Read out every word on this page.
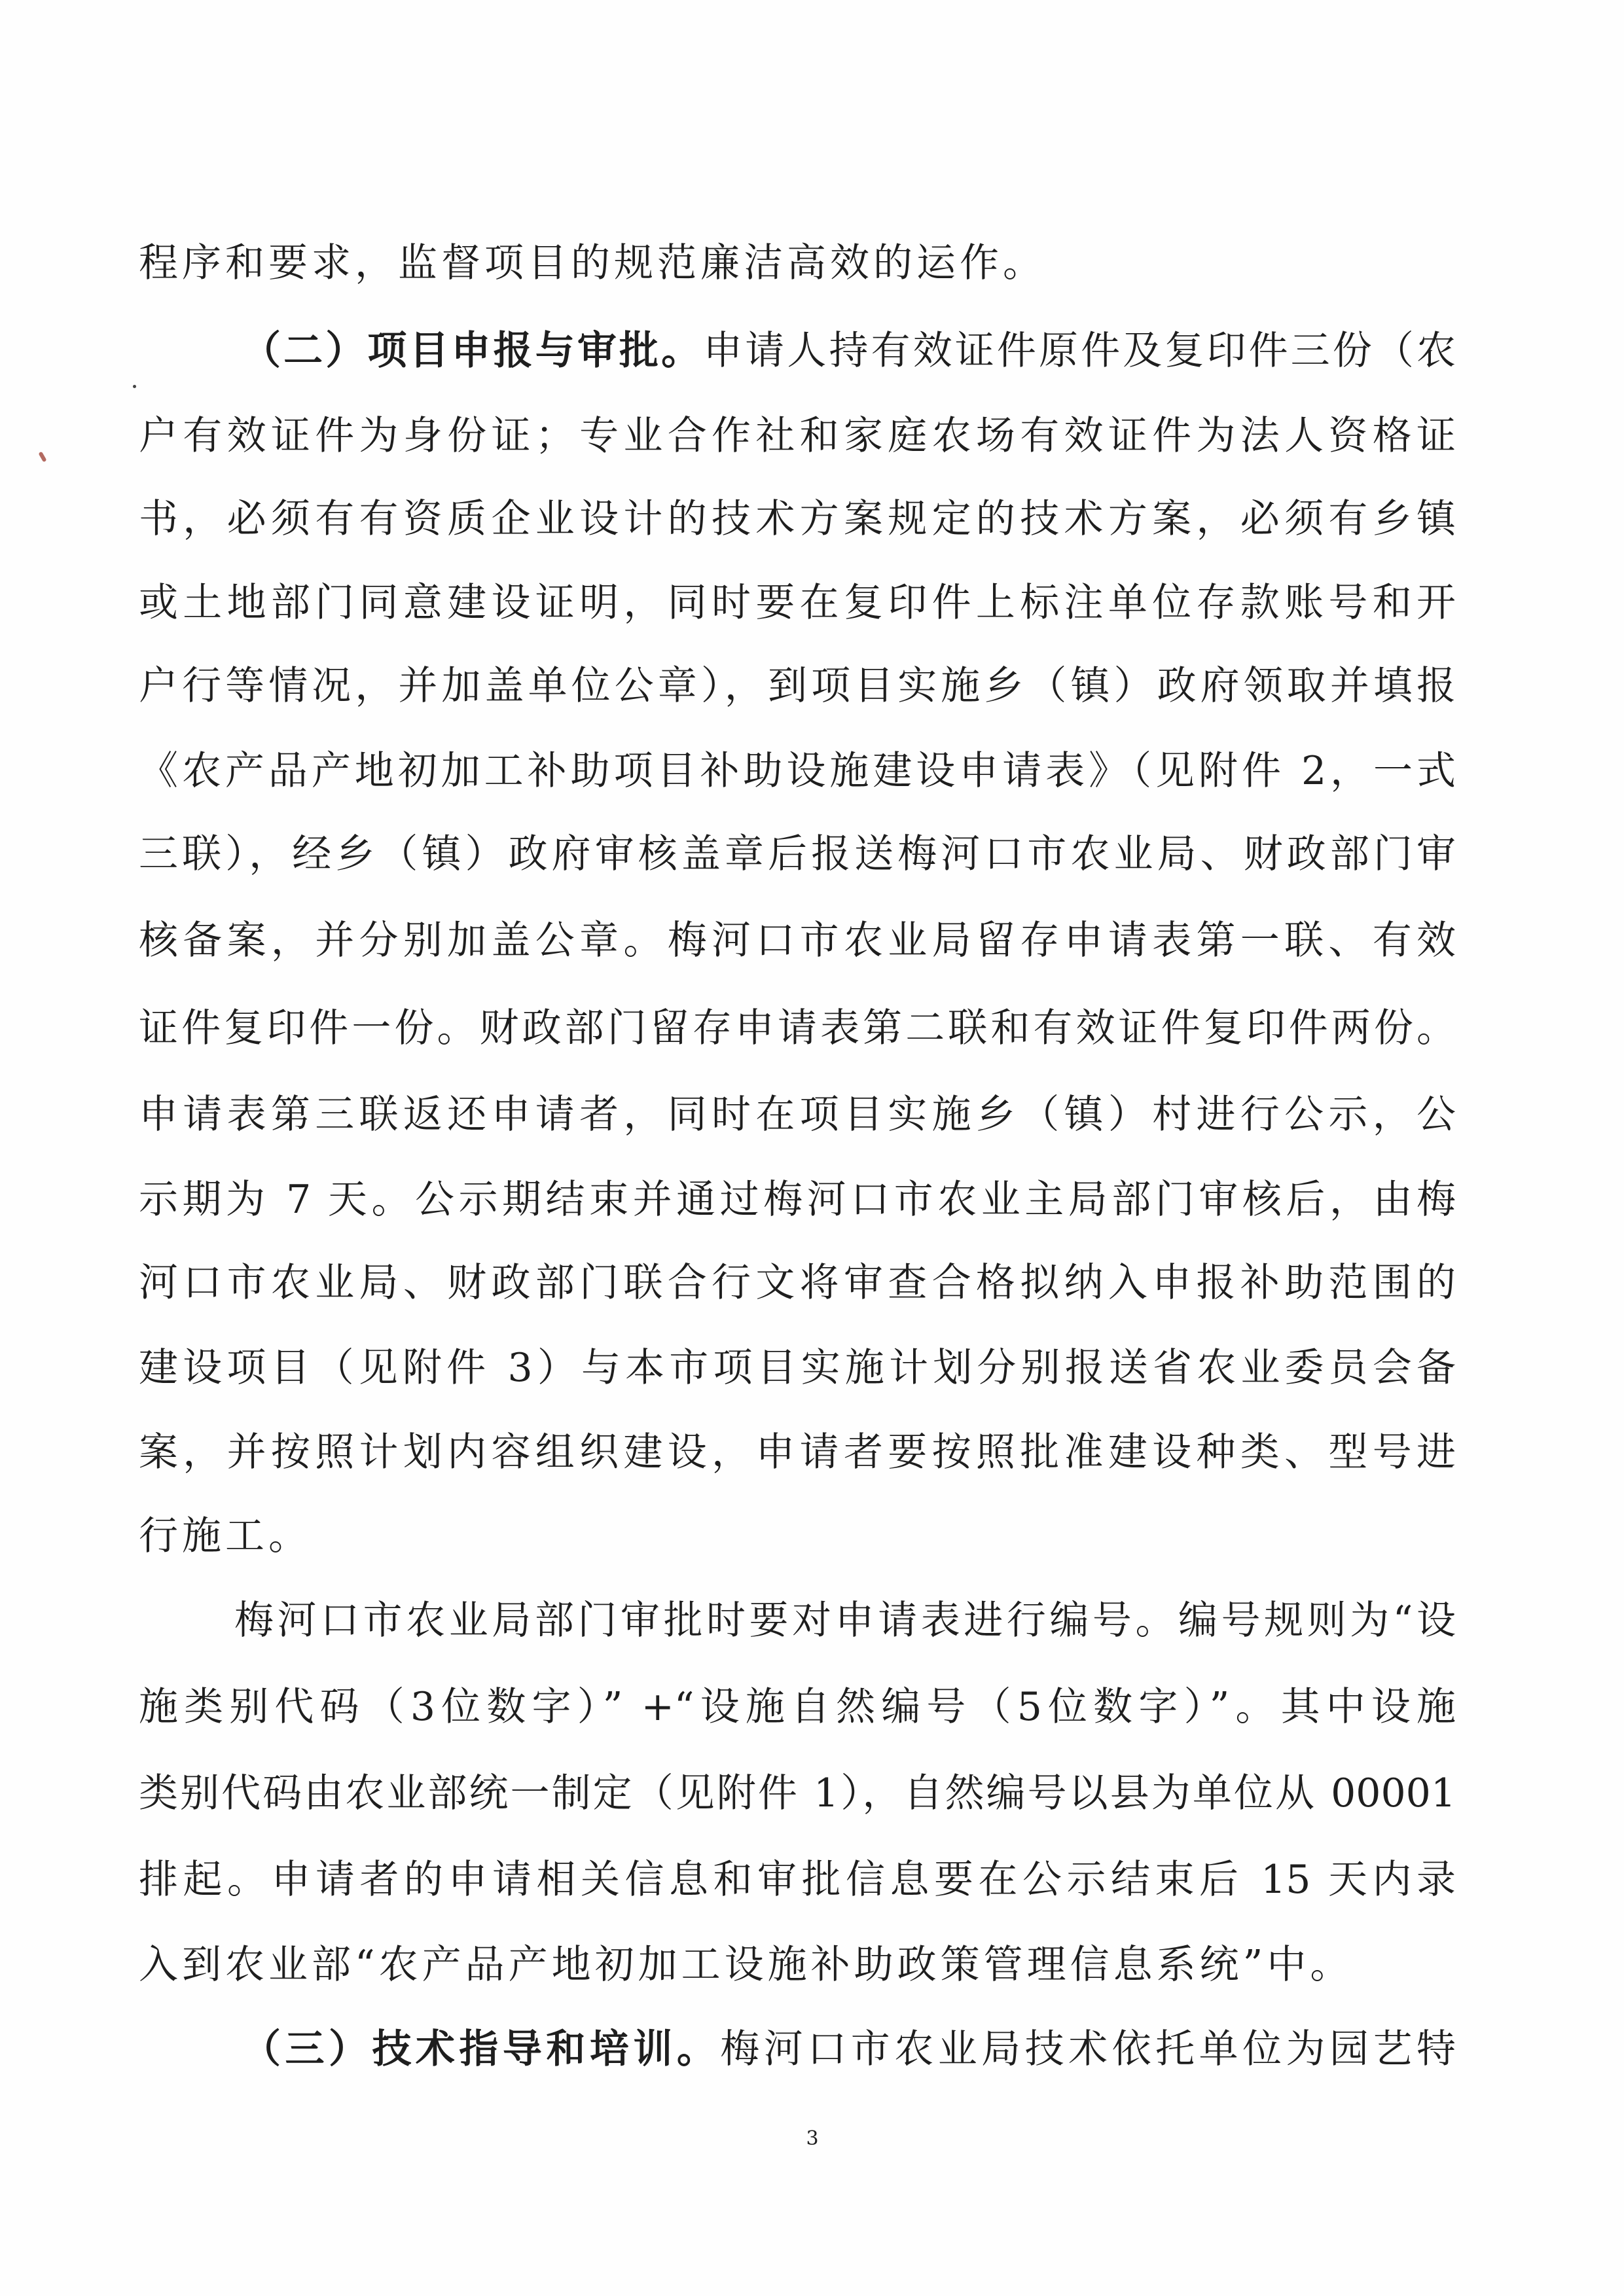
程序和要求，监督项目的规范廉洁高效的运作。
（二）项目申报与审批。申请人持有效证件原件及复印件三份（农
户有效证件为身份证；专业合作社和家庭农场有效证件为法人资格证
书，必须有有资质企业设计的技术方案规定的技术方案，必须有乡镇
或土地部门同意建设证明，同时要在复印件上标注单位存款账号和开
户行等情况，并加盖单位公章），到项目实施乡（镇）政府领取并填报
《农产品产地初加工补助项目补助设施建设申请表》（见附件 2，一式
三联），经乡（镇）政府审核盖章后报送梅河口市农业局、财政部门审
核备案，并分别加盖公章。梅河口市农业局留存申请表第一联、有效
证件复印件一份。财政部门留存申请表第二联和有效证件复印件两份。
申请表第三联返还申请者，同时在项目实施乡（镇）村进行公示，公
示期为 7 天。公示期结束并通过梅河口市农业主局部门审核后，由梅
河口市农业局、财政部门联合行文将审查合格拟纳入申报补助范围的
建设项目（见附件 3）与本市项目实施计划分别报送省农业委员会备
案，并按照计划内容组织建设，申请者要按照批准建设种类、型号进
行施工。
梅河口市农业局部门审批时要对申请表进行编号。编号规则为“设
施类别代码（3位数字）” +“设施自然编号（5位数字）”。其中设施
类别代码由农业部统一制定（见附件 1），自然编号以县为单位从 00001
排起。申请者的申请相关信息和审批信息要在公示结束后 15 天内录
入到农业部“农产品产地初加工设施补助政策管理信息系统”中。
（三）技术指导和培训。梅河口市农业局技术依托单位为园艺特
3
